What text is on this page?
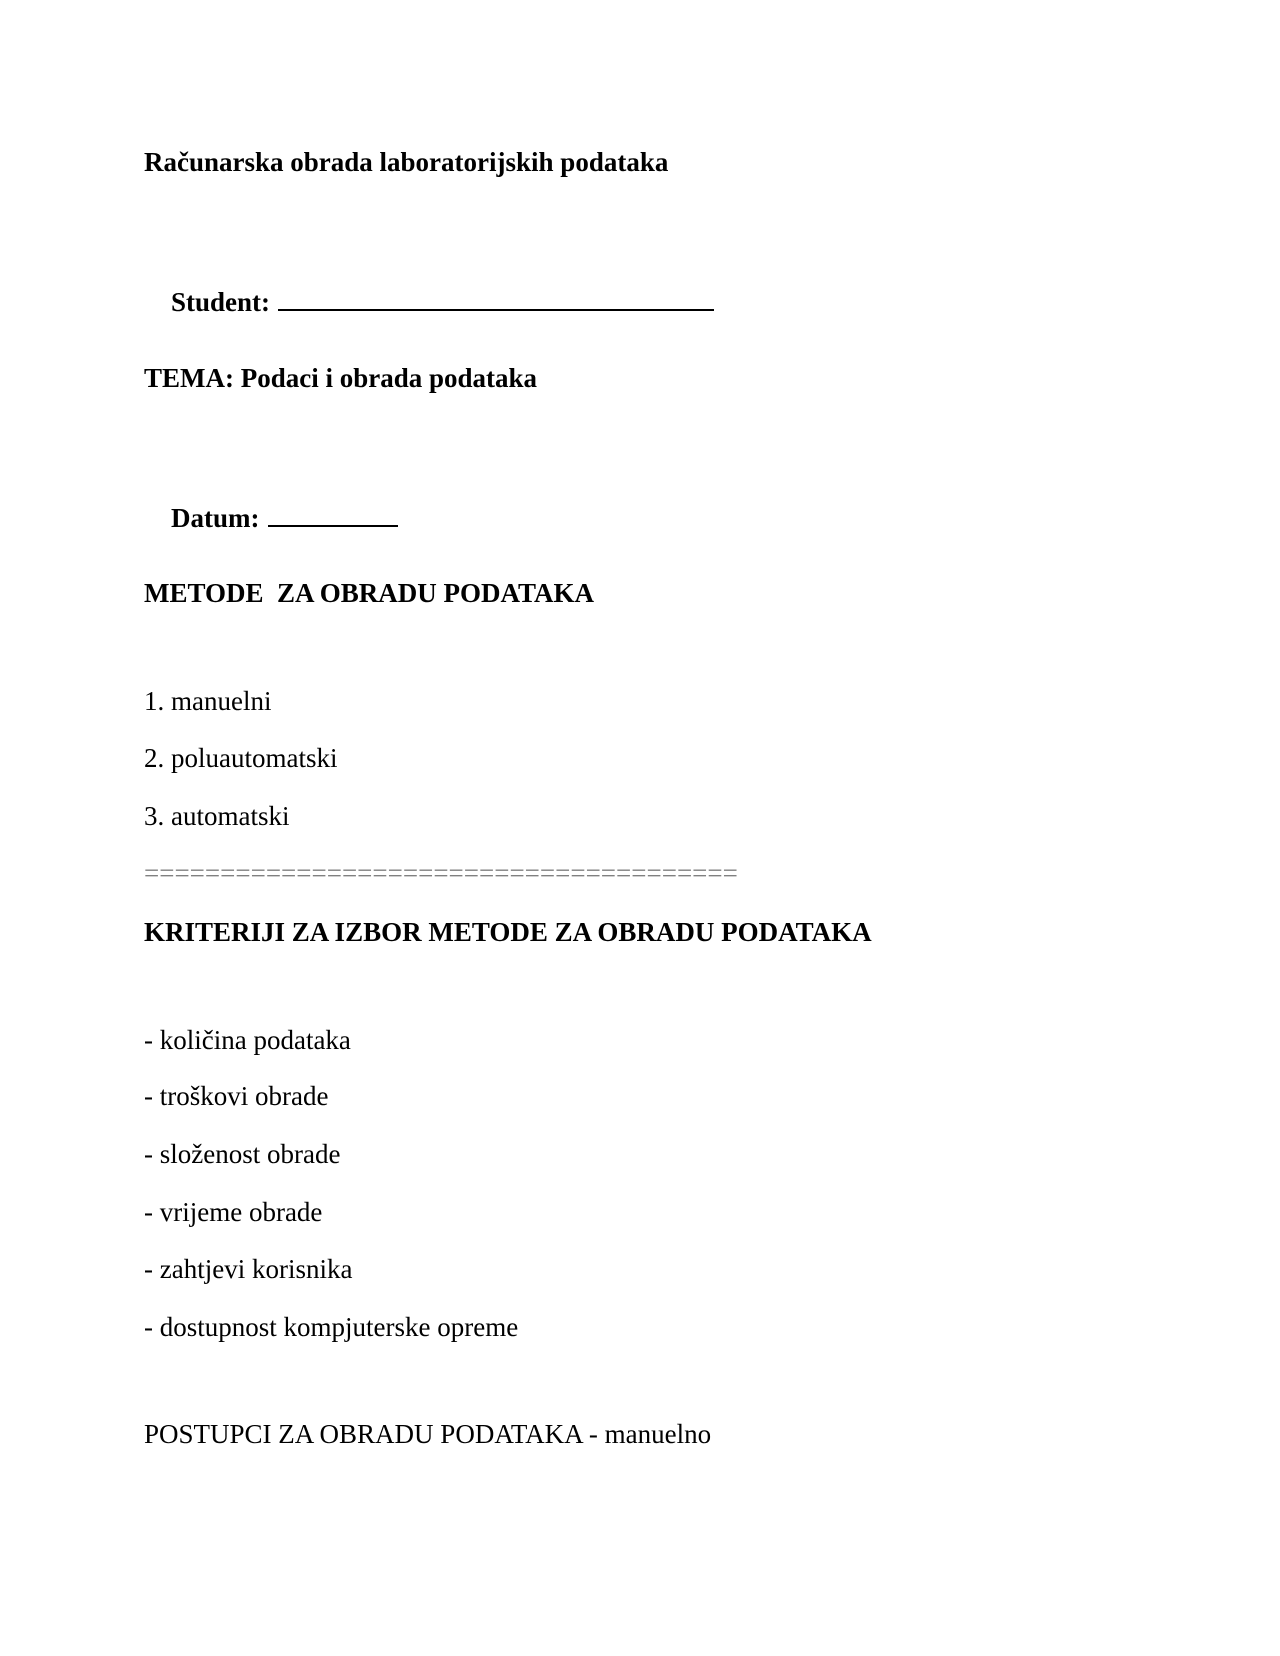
Računarska obrada laboratorijskih podataka

Student:

TEMA: Podaci i obrada podataka

Datum:

METODE  ZA OBRADU PODATAKA
1. manuelni
2. poluautomatski
3. automatski
=======================================
KRITERIJI ZA IZBOR METODE ZA OBRADU PODATAKA
- količina podataka
- troškovi obrade
- složenost obrade
- vrijeme obrade
- zahtjevi korisnika
- dostupnost kompjuterske opreme
POSTUPCI ZA OBRADU PODATAKA - manuelno
